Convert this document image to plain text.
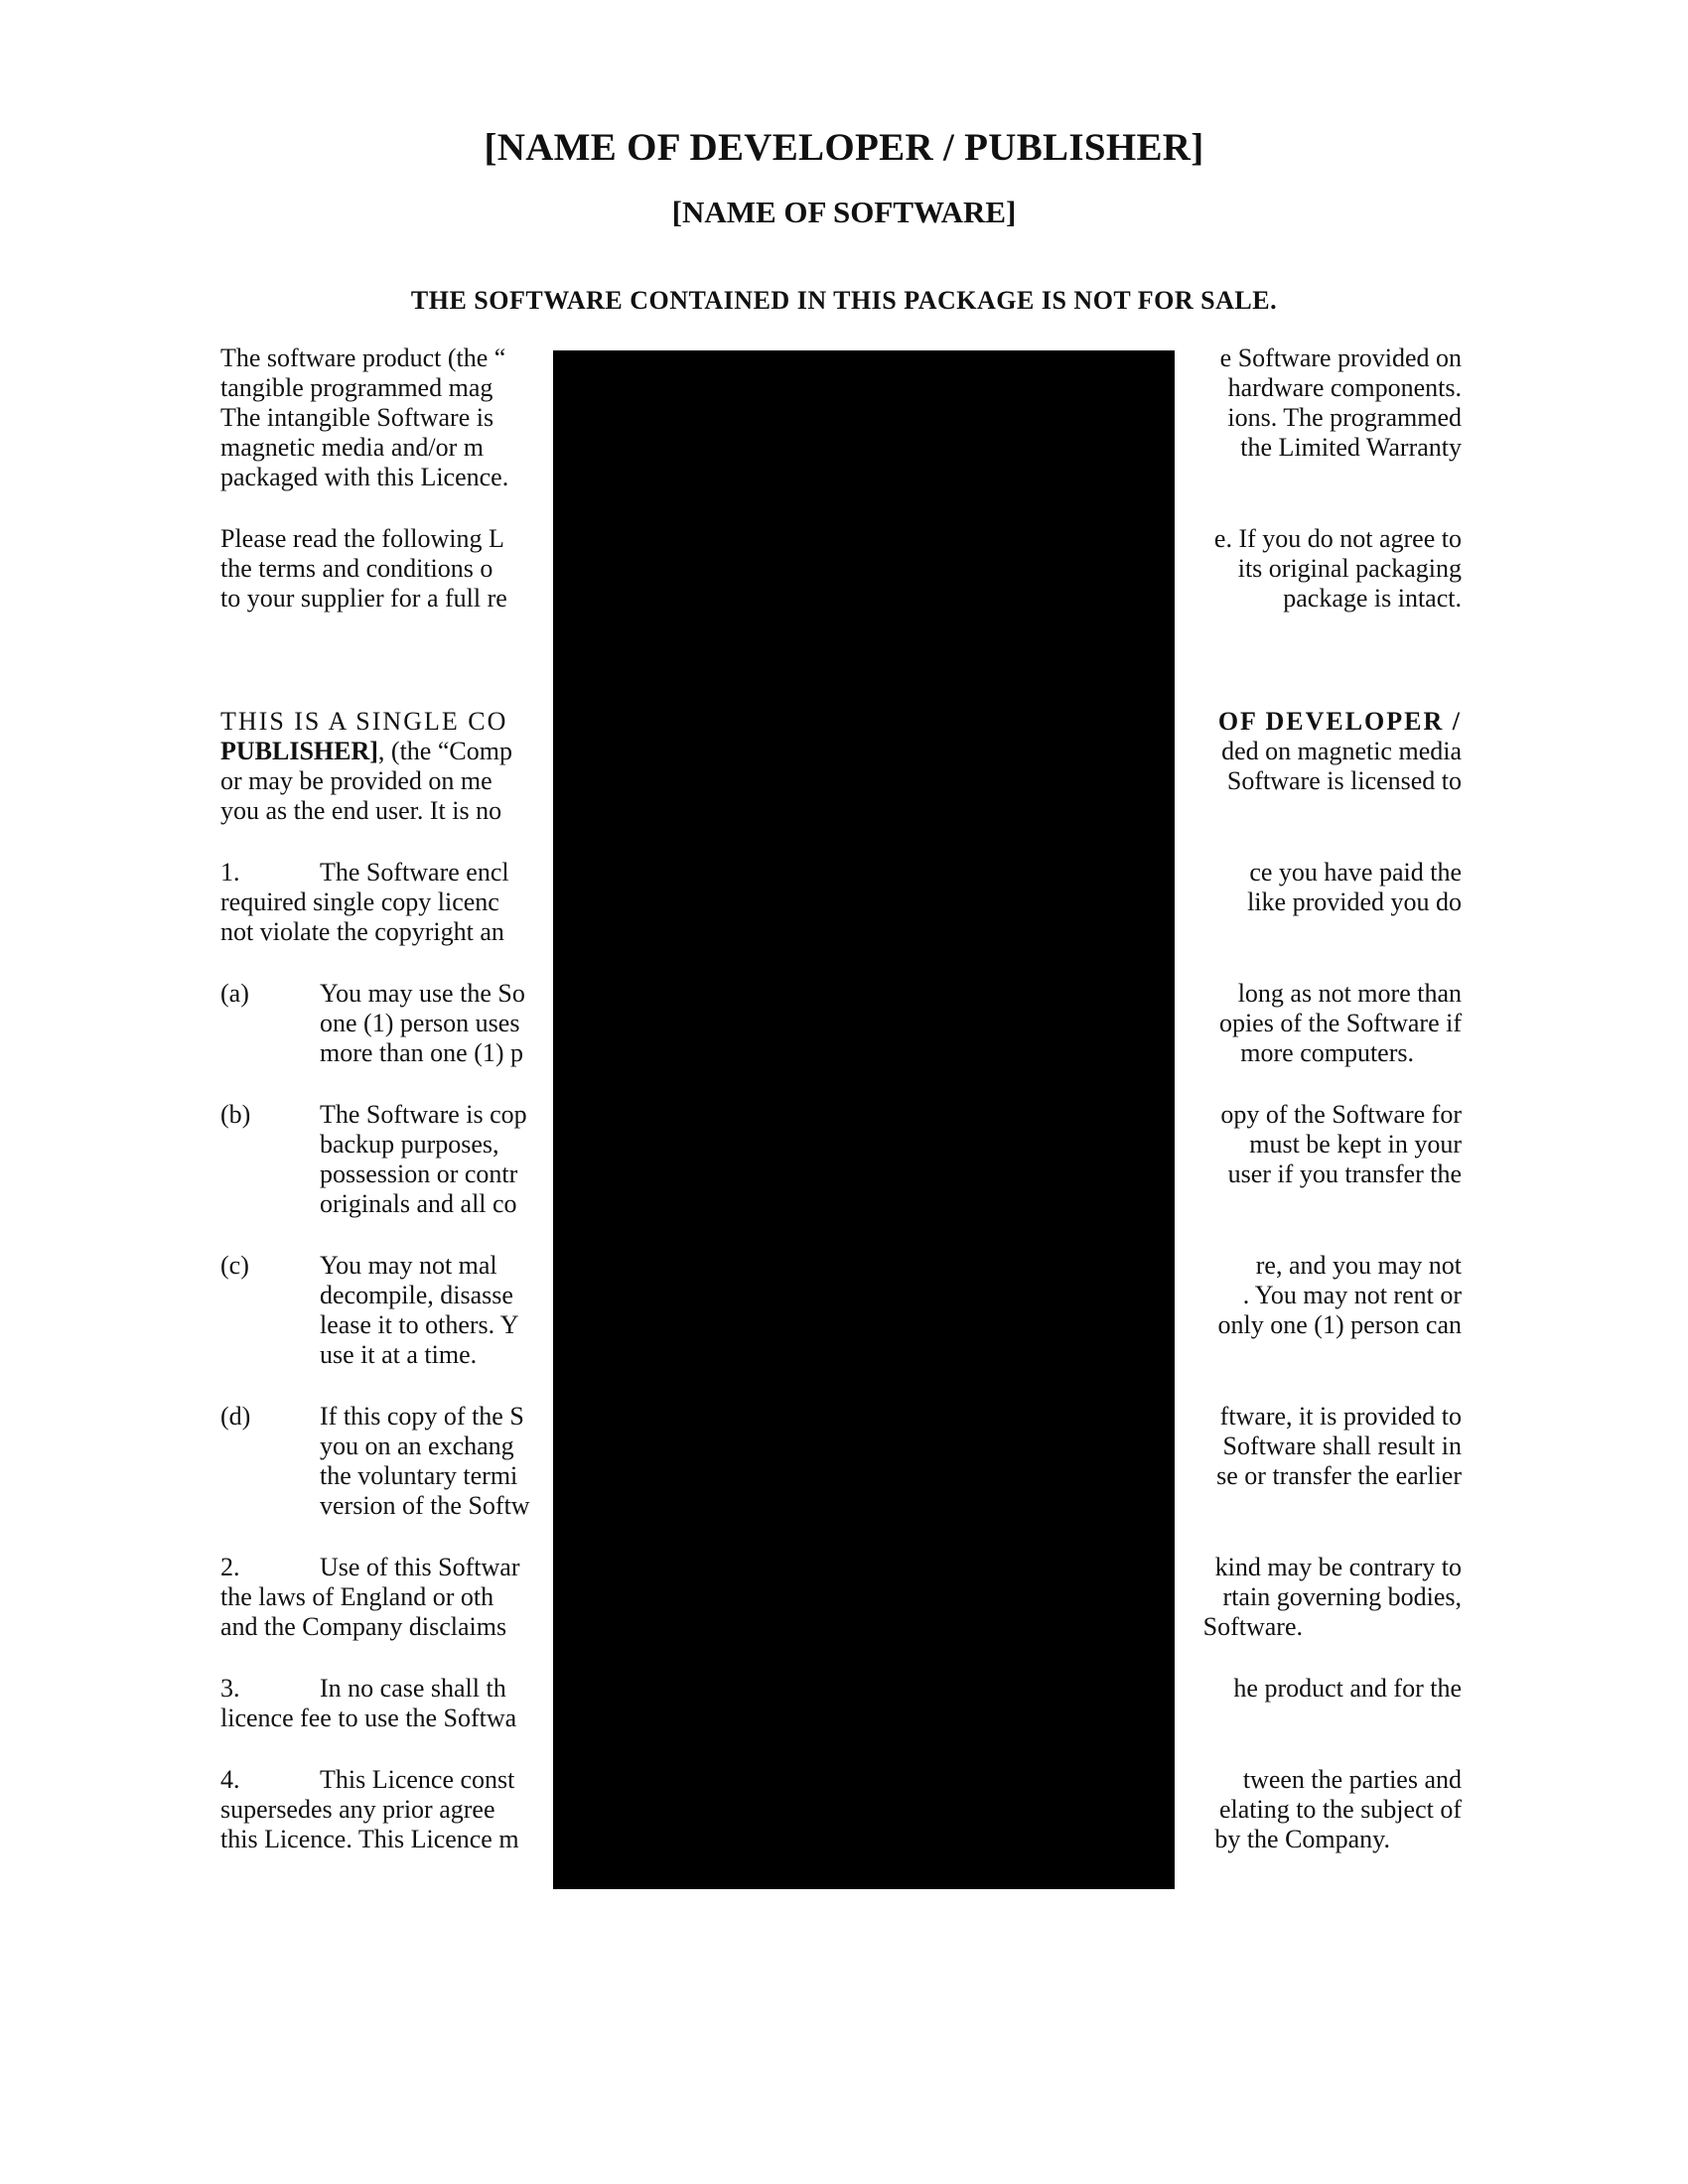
[NAME OF DEVELOPER / PUBLISHER]
[NAME OF SOFTWARE]
THE SOFTWARE CONTAINED IN THIS PACKAGE IS NOT FOR SALE.

The software product (the “	e Software provided on

tangible programmed mag	hardware components.

The intangible Software is	ions. The programmed

magnetic media and/or m	the Limited Warranty

packaged with this Licence.

Please read the following L	e. If you do not agree to

the terms and conditions o	its original packaging

to your supplier for a full re	package is intact.

THIS IS A SINGLE CO	OF DEVELOPER /

PUBLISHER], (the “Comp	ded on magnetic media

or may be provided on me	Software is licensed to

you as the end user. It is no

1.	The Software encl	ce you have paid the

required single copy licenc	like provided you do

not violate the copyright an

(a)	You may use the So	long as not more than

one (1) person uses	opies of the Software if

more than one (1) p	more computers.

(b)	The Software is cop	opy of the Software for

backup purposes,	must be kept in your

possession or contr	user if you transfer the

originals and all co

(c)	You may not mal	re, and you may not

decompile, disasse	. You may not rent or

lease it to others. Y	only one (1) person can

use it at a time.

(d)	If this copy of the S	ftware, it is provided to

you on an exchang	Software shall result in

the voluntary termi	se or transfer the earlier

version of the Softw

2.	Use of this Softwar	kind may be contrary to

the laws of England or oth	rtain governing bodies,

and the Company disclaims	Software.

3.	In no case shall th	he product and for the

licence fee to use the Softwa

4.	This Licence const	tween the parties and

supersedes any prior agree	elating to the subject of

this Licence. This Licence m	by the Company.
